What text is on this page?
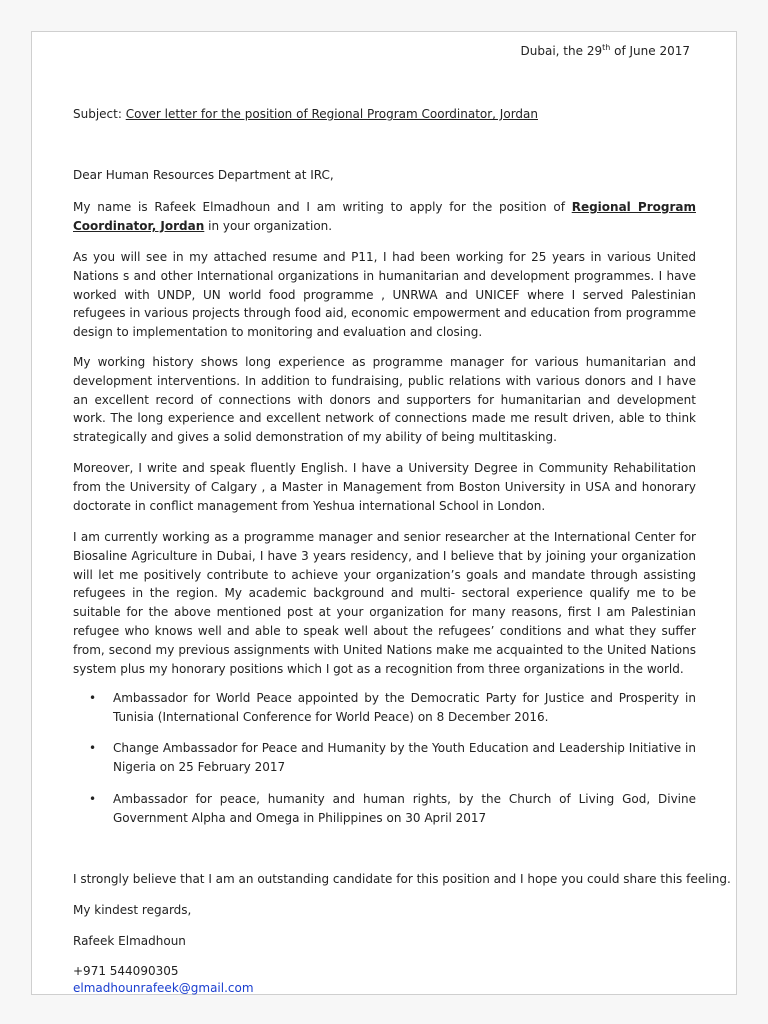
Dubai, the 29th of June 2017
Subject: Cover letter for the position of Regional Program Coordinator, Jordan
Dear Human Resources Department at IRC,
My name is Rafeek Elmadhoun and I am writing to apply for the position of Regional Program Coordinator, Jordan in your organization.
As you will see in my attached resume and P11, I had been working for 25 years in various United Nations s and other International organizations in humanitarian and development programmes. I have worked with UNDP, UN world food programme , UNRWA and UNICEF where I served Palestinian refugees in various projects through food aid, economic empowerment and education from programme design to implementation to monitoring and evaluation and closing.
My working history shows long experience as programme manager for various humanitarian and development interventions. In addition to fundraising, public relations with various donors and I have an excellent record of connections with donors and supporters for humanitarian and development work. The long experience and excellent network of connections made me result driven, able to think strategically and gives a solid demonstration of my ability of being multitasking.
Moreover, I write and speak fluently English. I have a University Degree in Community Rehabilitation from the University of Calgary , a Master in Management from Boston University in USA and honorary doctorate in conflict management from Yeshua international School in London.
I am currently working as a programme manager and senior researcher at the International Center for Biosaline Agriculture in Dubai, I have 3 years residency, and I believe that by joining your organization will let me positively contribute to achieve your organization’s goals and mandate through assisting refugees in the region. My academic background and multi- sectoral experience qualify me to be suitable for the above mentioned post at your organization for many reasons, first I am Palestinian refugee who knows well and able to speak well about the refugees’ conditions and what they suffer from, second my previous assignments with United Nations make me acquainted to the United Nations system plus my honorary positions which I got as a recognition from three organizations in the world.
• Ambassador for World Peace appointed by the Democratic Party for Justice and Prosperity in Tunisia (International Conference for World Peace) on 8 December 2016.
• Change Ambassador for Peace and Humanity by the Youth Education and Leadership Initiative in Nigeria on 25 February 2017
• Ambassador for peace, humanity and human rights, by the Church of Living God, Divine Government Alpha and Omega in Philippines on 30 April 2017
I strongly believe that I am an outstanding candidate for this position and I hope you could share this feeling.
My kindest regards,
Rafeek Elmadhoun
+971 544090305
elmadhounrafeek@gmail.com
